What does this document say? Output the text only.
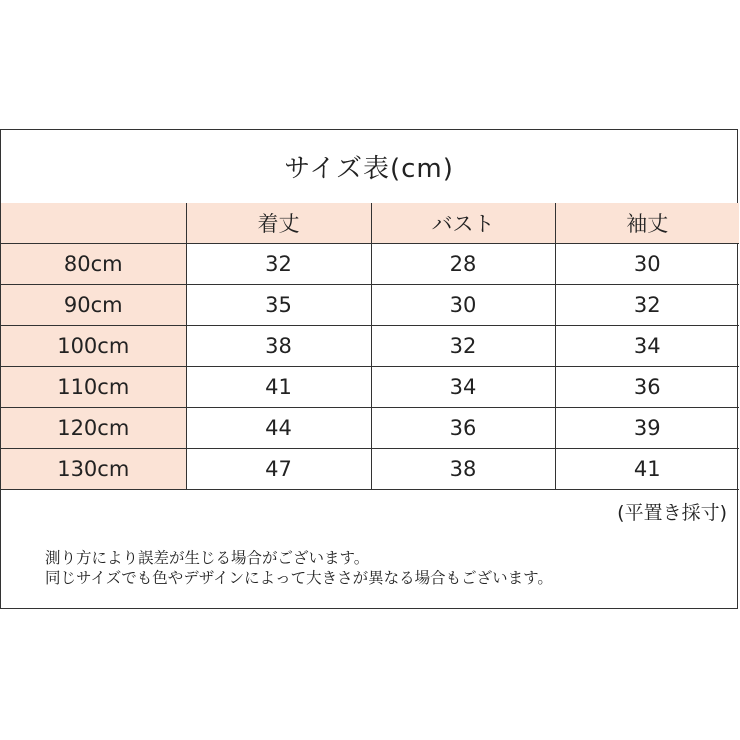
サイズ表(cm)
	着丈	バスト	袖丈
80cm	32	28	30
90cm	35	30	32
100cm	38	32	34
110cm	41	34	36
120cm	44	36	39
130cm	47	38	41
(平置き採寸)
測り方により誤差が生じる場合がございます。
同じサイズでも色やデザインによって大きさが異なる場合もございます。
